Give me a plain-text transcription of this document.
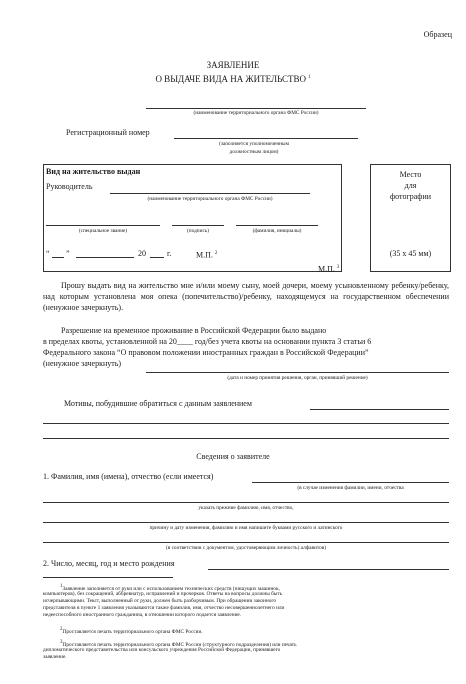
Образец
ЗАЯВЛЕНИЕ
О ВЫДАЧЕ ВИДА НА ЖИТЕЛЬСТВО $^1$
(наименование территориального органа ФМС России)
Регистрационный номер
(заполняется уполномоченным
должностным лицом)
Вид на жительство выдан
Руководитель
(наименование территориального органа ФМС России)
(специальное звание)	(подпись)	(фамилия, инициалы)
“ ”	20	г.	М.П. $^2$
М.П. $^3$
Место
для
фотографии
(35 х 45 мм)
Прошу выдать вид на жительство мне и/или моему сыну, моей дочери, моему усыновленному ребенку/ребенку, над которым установлена моя опека (попечительство)/ребенку, находящемуся на государственном обеспечении (ненужное зачеркнуть).
Разрешение на временное проживание в Российской Федерации было выдано
в пределах квоты, установленной на 20____ год/без учета квоты на основании пункта 3 статьи 6
Федерального закона “О правовом положении иностранных граждан в Российской Федерации”
(ненужное зачеркнуть)
(дата и номер принятия решения, орган, принявший решение)
Мотивы, побудившие обратиться с данным заявлением
Сведения о заявителе
1. Фамилия, имя (имена), отчество (если имеется)
(в случае изменения фамилии, имени, отчества
указать прежние фамилию, имя, отчество,
причину и дату изменения, фамилию и имя напишите буквами русского и латинского
(в соответствии с документом, удостоверяющим личность) алфавитов)
2. Число, месяц, год и место рождения
1Заявление заполняется от руки или с использованием технических средств (пишущих машинок,
компьютеров), без сокращений, аббревиатур, исправлений и прочерков. Ответы на вопросы должны быть
исчерпывающими. Текст, выполненный от руки, должен быть разборчивым. При обращении законного
представителя в пункте 1 заявления указываются также фамилия, имя, отчество несовершеннолетнего или
недееспособного иностранного гражданина, в отношении которого подается заявление.
2Проставляется печать территориального органа ФМС России.
3Проставляется печать территориального органа ФМС России (структурного подразделения) или печать
дипломатического представительства или консульского учреждения Российской Федерации, принявшего
заявление.
